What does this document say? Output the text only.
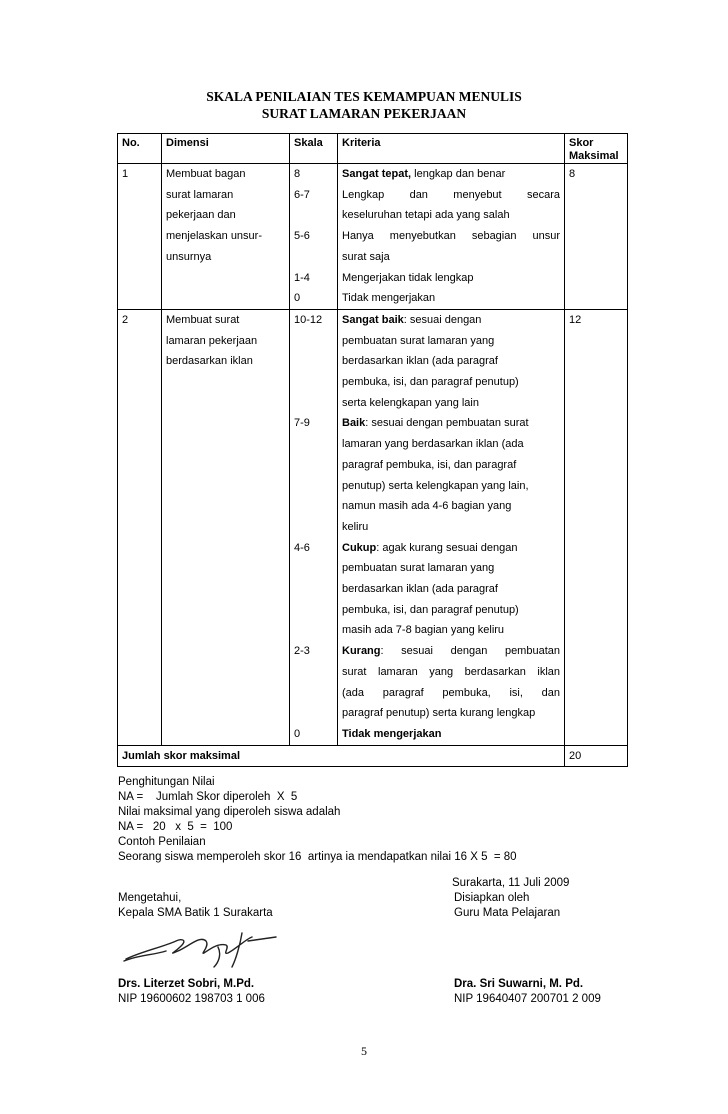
SKALA PENILAIAN TES KEMAMPUAN MENULIS
SURAT LAMARAN PEKERJAAN
No.	Dimensi	Skala	Kriteria	Skor
Maksimal
1	Membuat bagan	8	Sangat tepat, lengkap dan benar	8
	surat lamaran	6-7	Lengkap dan menyebut secara	
	pekerjaan dan		keseluruhan tetapi ada yang salah	
	menjelaskan unsur-	5-6	Hanya menyebutkan sebagian unsur	
	unsurnya		surat saja	
		1-4	Mengerjakan tidak lengkap	
		0	Tidak mengerjakan	
2	Membuat surat	10-12	Sangat baik: sesuai dengan	12
	lamaran pekerjaan		pembuatan surat lamaran yang	
	berdasarkan iklan		berdasarkan iklan (ada paragraf	
			pembuka, isi, dan paragraf penutup)	
			serta kelengkapan yang lain	
		7-9	Baik: sesuai dengan pembuatan surat	
			lamaran yang berdasarkan iklan (ada	
			paragraf pembuka, isi, dan paragraf	
			penutup) serta kelengkapan yang lain,	
			namun masih ada 4-6 bagian yang	
			keliru	
		4-6	Cukup: agak kurang sesuai dengan	
			pembuatan surat lamaran yang	
			berdasarkan iklan (ada paragraf	
			pembuka, isi, dan paragraf penutup)	
			masih ada 7-8 bagian yang keliru	
		2-3	Kurang: sesuai dengan pembuatan	
			surat lamaran yang berdasarkan iklan	
			(ada paragraf pembuka, isi, dan	
			paragraf penutup) serta kurang lengkap	
		0	Tidak mengerjakan	
Jumlah skor maksimal				20
Penghitungan Nilai
NA =    Jumlah Skor diperoleh  X  5
Nilai maksimal yang diperoleh siswa adalah
NA =   20   x  5  =  100
Contoh Penilaian
Seorang siswa memperoleh skor 16  artinya ia mendapatkan nilai 16 X 5  = 80
Surakarta, 11 Juli 2009
Mengetahui,
Kepala SMA Batik 1 Surakarta
Disiapkan oleh
Guru Mata Pelajaran
Drs. Literzet Sobri, M.Pd.
NIP 19600602 198703 1 006
Dra. Sri Suwarni, M. Pd.
NIP 19640407 200701 2 009
5
